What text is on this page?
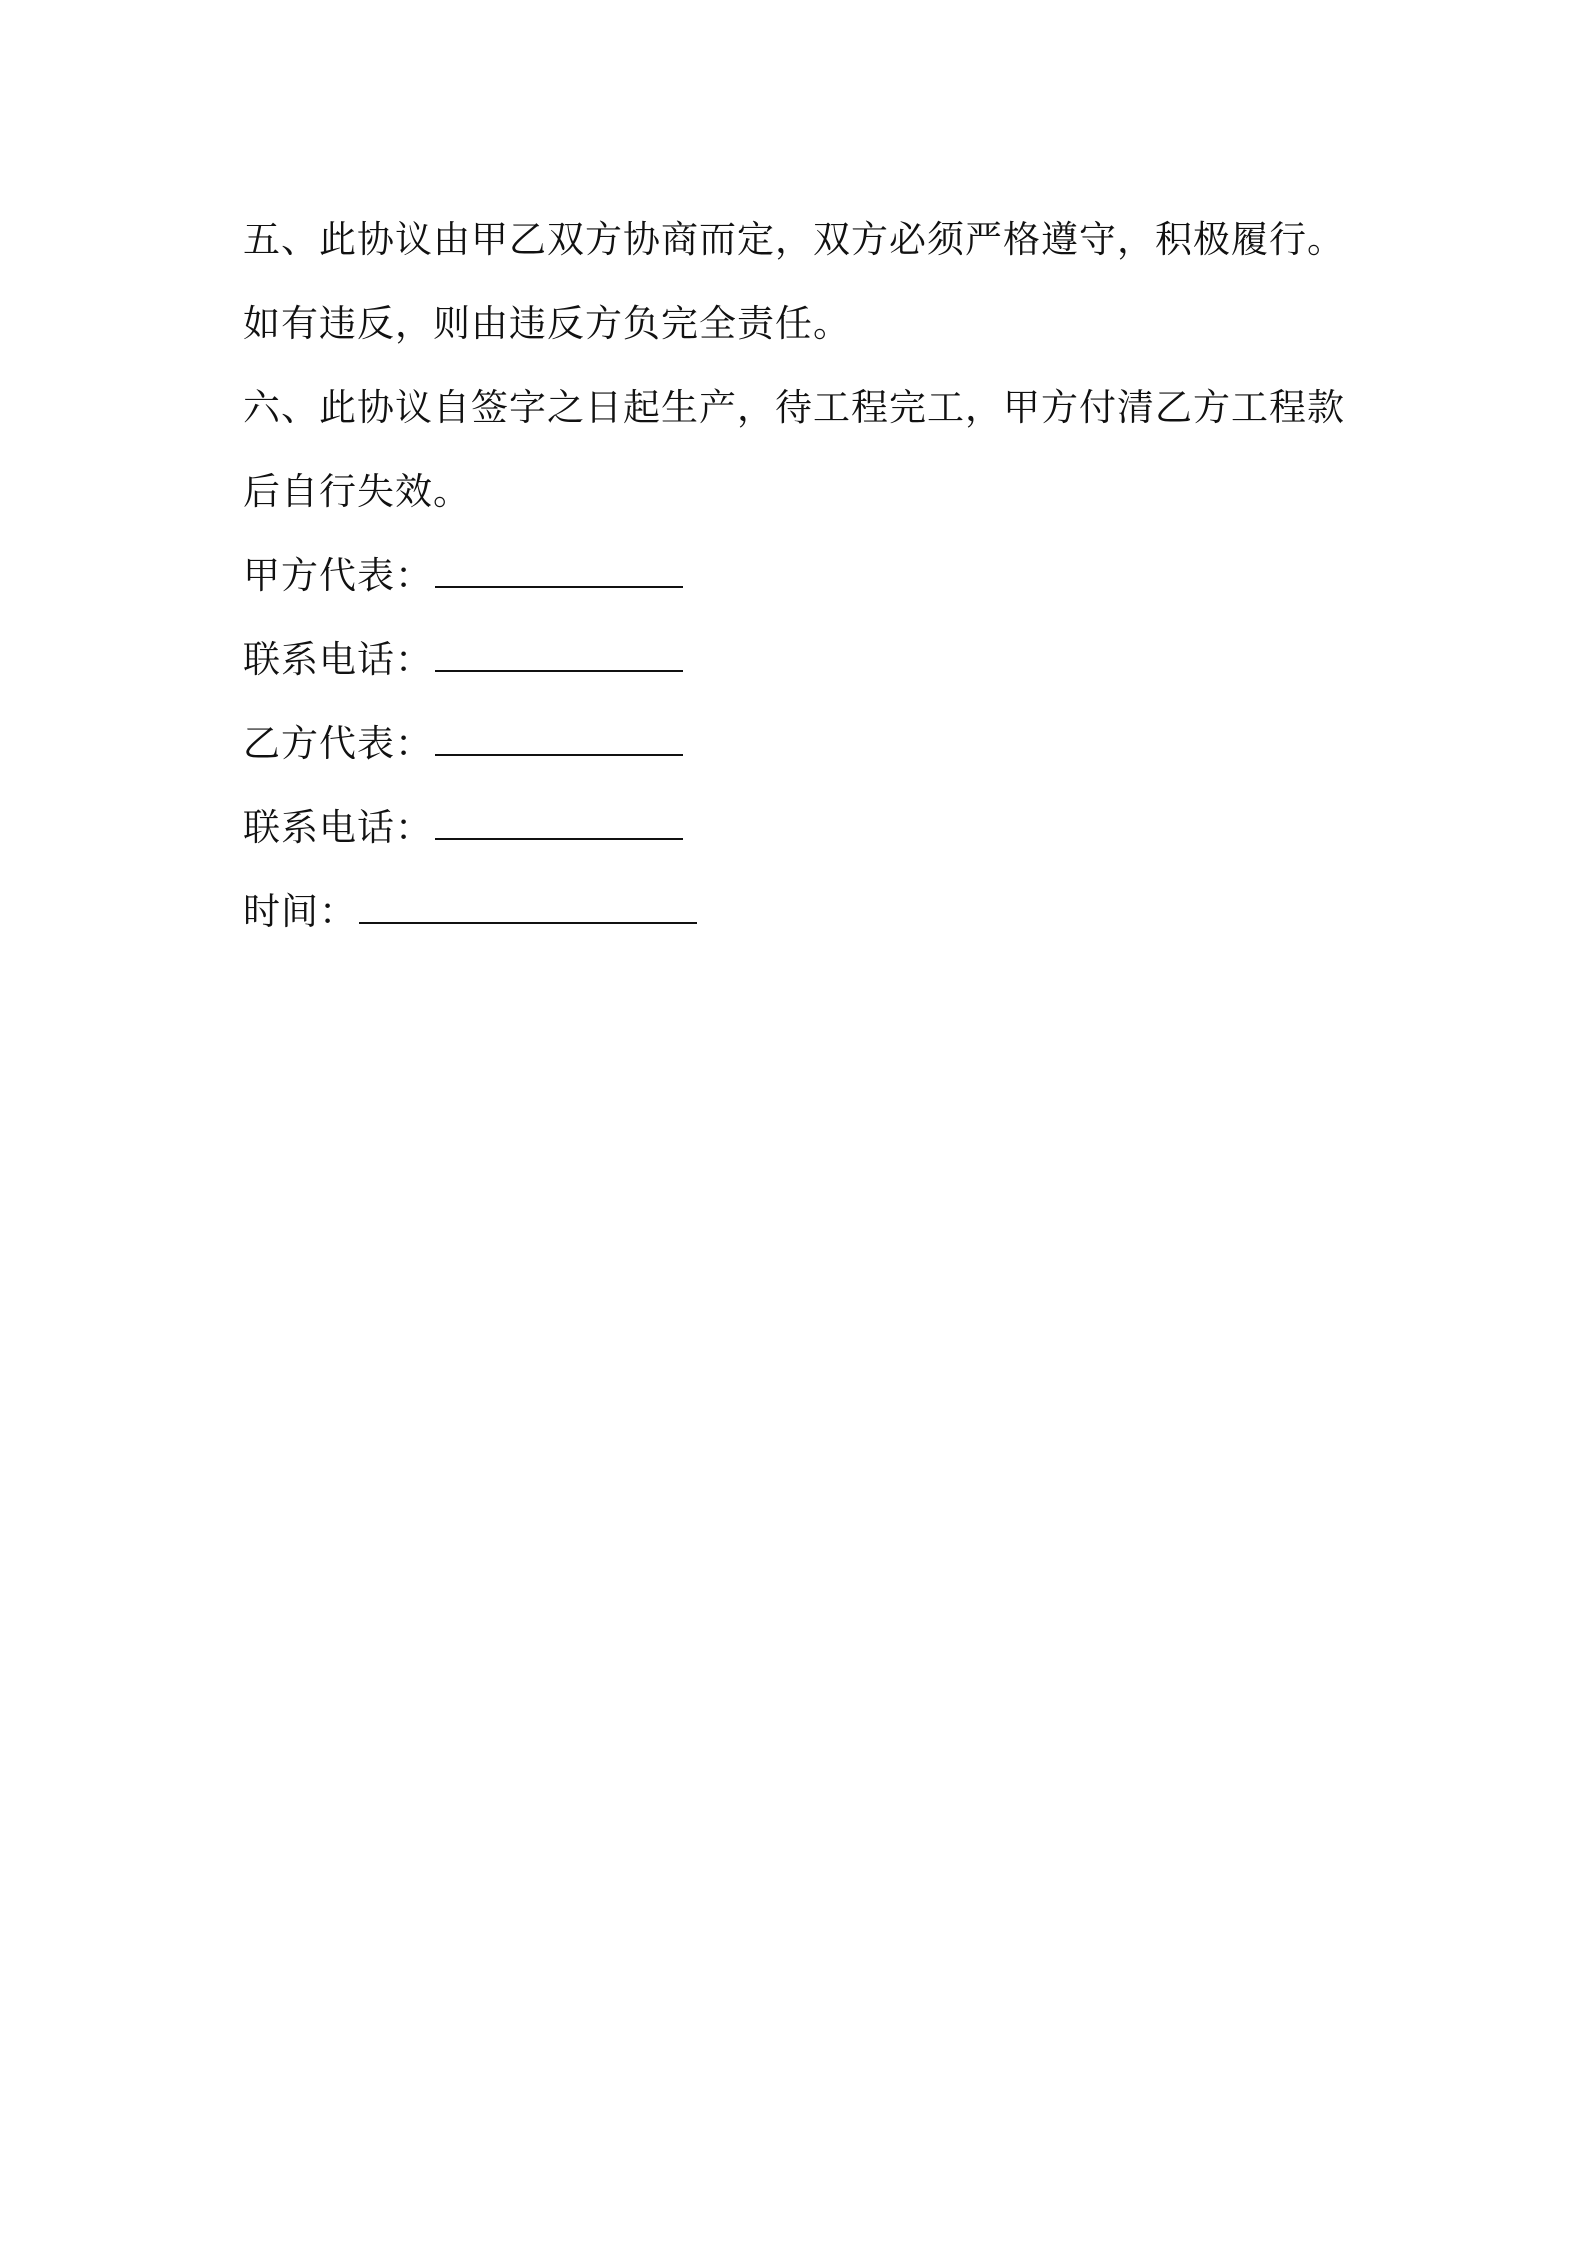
五、此协议由甲乙双方协商而定，双方必须严格遵守，积极履行。如有违反，则由违反方负完全责任。

六、此协议自签字之日起生产，待工程完工，甲方付清乙方工程款后自行失效。

甲方代表：

联系电话：

乙方代表：

联系电话：

时间：
